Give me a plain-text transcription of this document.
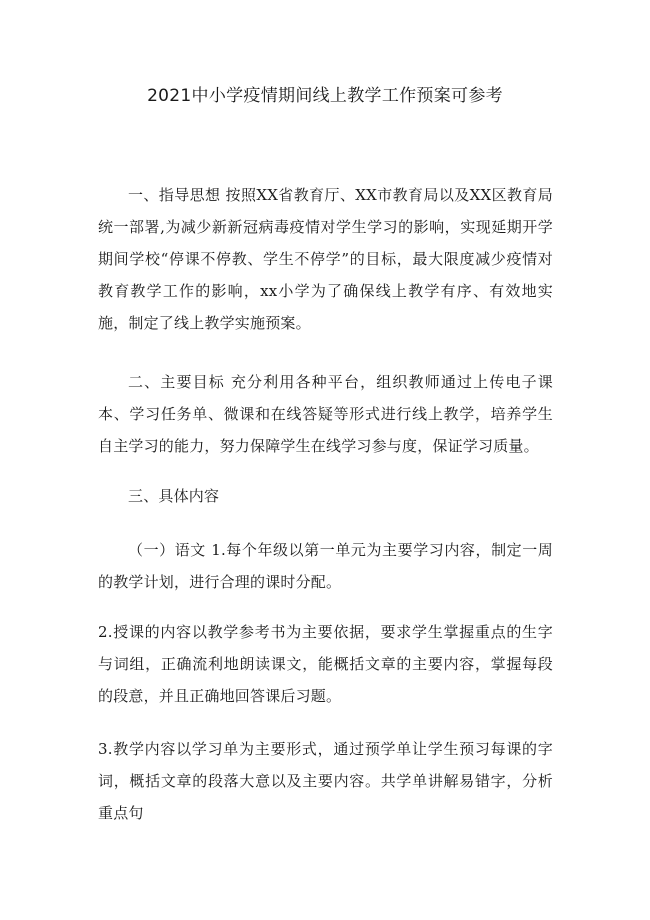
2021中小学疫情期间线上教学工作预案可参考

一、指导思想 按照XX省教育厅、XX市教育局以及XX区教育局统一部署,为减少新新冠病毒疫情对学生学习的影响，实现延期开学期间学校“停课不停教、学生不停学”的目标，最大限度减少疫情对教育教学工作的影响，xx小学为了确保线上教学有序、有效地实施，制定了线上教学实施预案。

二、主要目标 充分利用各种平台，组织教师通过上传电子课本、学习任务单、微课和在线答疑等形式进行线上教学，培养学生自主学习的能力，努力保障学生在线学习参与度，保证学习质量。

三、具体内容

（一）语文 1.每个年级以第一单元为主要学习内容，制定一周的教学计划，进行合理的课时分配。

2.授课的内容以教学参考书为主要依据，要求学生掌握重点的生字与词组，正确流利地朗读课文，能概括文章的主要内容，掌握每段的段意，并且正确地回答课后习题。

3.教学内容以学习单为主要形式，通过预学单让学生预习每课的字词，概括文章的段落大意以及主要内容。共学单讲解易错字，分析重点句
